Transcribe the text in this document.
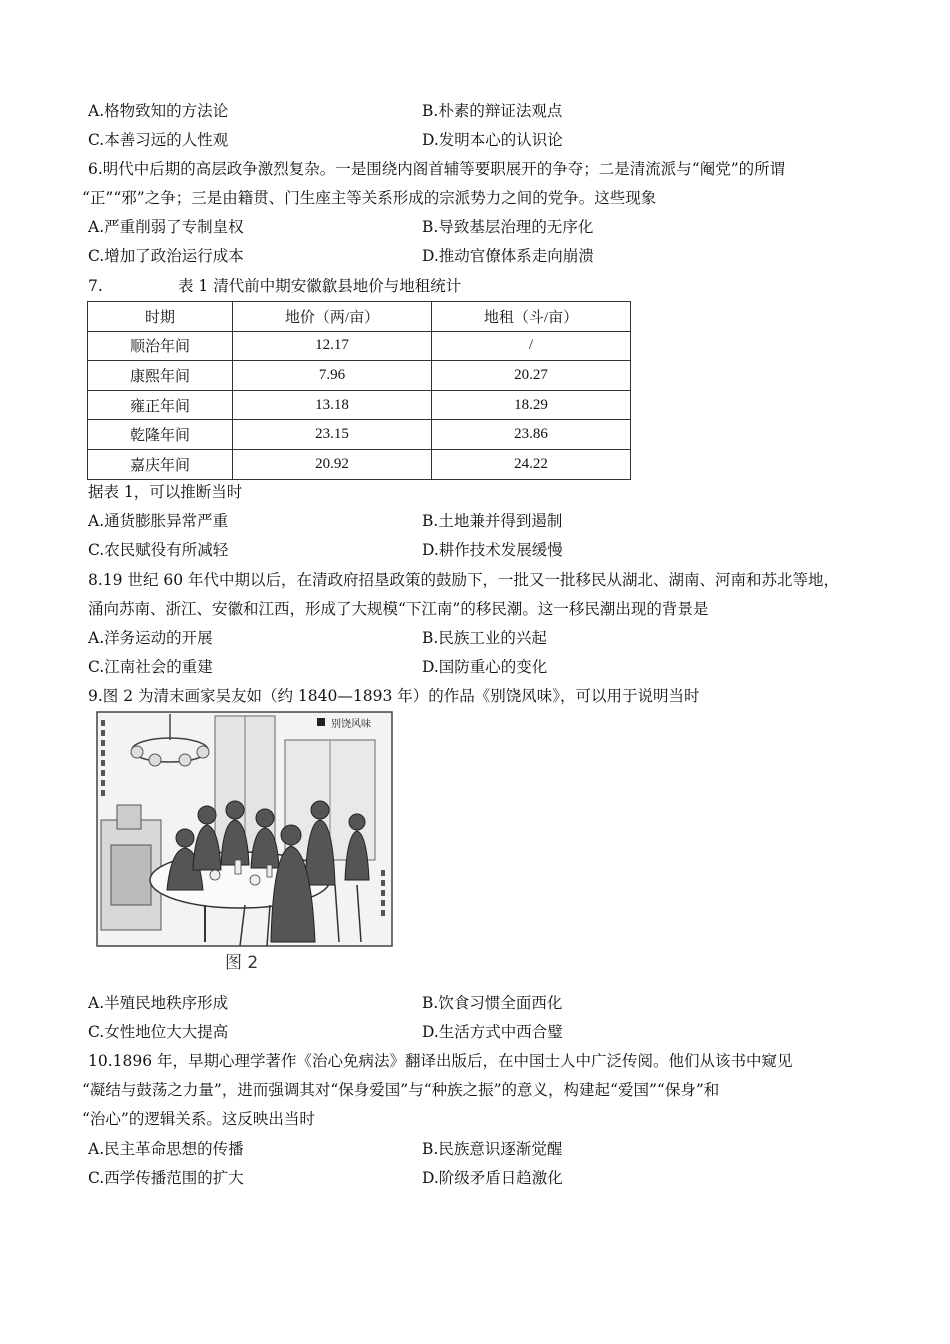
A.格物致知的方法论	B.朴素的辩证法观点
C.本善习远的人性观	D.发明本心的认识论
6.明代中后期的高层政争激烈复杂。一是围绕内阁首辅等要职展开的争夺；二是清流派与“阉党”的所谓
“正”“邪”之争；三是由籍贯、门生座主等关系形成的宗派势力之间的党争。这些现象
A.严重削弱了专制皇权	B.导致基层治理的无序化
C.增加了政治运行成本	D.推动官僚体系走向崩溃
7.	表 1 清代前中期安徽歙县地价与地租统计
时期	地价（两/亩）	地租（斗/亩）
顺治年间	12.17	/
康熙年间	7.96	20.27
雍正年间	13.18	18.29
乾隆年间	23.15	23.86
嘉庆年间	20.92	24.22
据表 1，可以推断当时
A.通货膨胀异常严重	B.土地兼并得到遏制
C.农民赋役有所减轻	D.耕作技术发展缓慢
8.19 世纪 60 年代中期以后，在清政府招垦政策的鼓励下，一批又一批移民从湖北、湖南、河南和苏北等地，
涌向苏南、浙江、安徽和江西，形成了大规模“下江南”的移民潮。这一移民潮出现的背景是
A.洋务运动的开展	B.民族工业的兴起
C.江南社会的重建	D.国防重心的变化
9.图 2 为清末画家吴友如（约 1840—1893 年）的作品《别饶风味》，可以用于说明当时
别饶风味
图 2
A.半殖民地秩序形成	B.饮食习惯全面西化
C.女性地位大大提高	D.生活方式中西合璧
10.1896 年，早期心理学著作《治心免病法》翻译出版后，在中国士人中广泛传阅。他们从该书中窥见
“凝结与鼓荡之力量”，进而强调其对“保身爱国”与“种族之振”的意义，构建起“爱国”“保身”和
“治心”的逻辑关系。这反映出当时
A.民主革命思想的传播	B.民族意识逐渐觉醒
C.西学传播范围的扩大	D.阶级矛盾日趋激化
